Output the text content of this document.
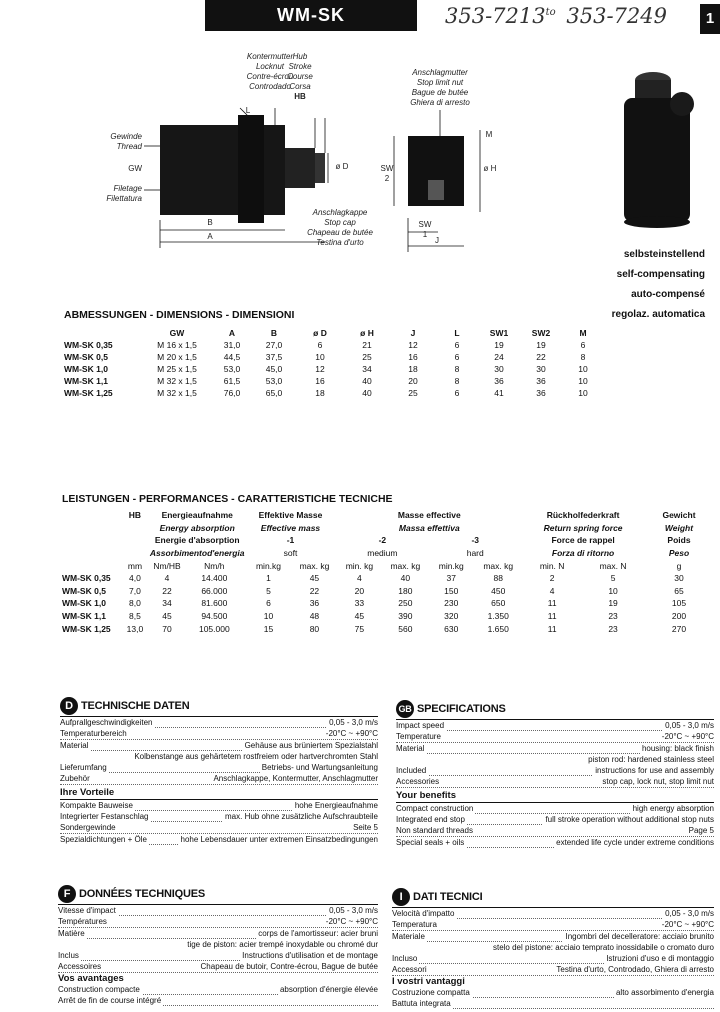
WM-SK	$353-7213^{to}$ 353-7249	1
Kontermutter
Locknut
Contre-écrou
Controdado
Hub
Stroke
Course
Corsa
HB
Gewinde
Thread
GW
Filetage
Filettatura
L
ø D
B
A
Anschlagkappe
Stop cap
Chapeau de butée
Testina d'urto
Anschlagmutter
Stop limit nut
Bague de butée
Ghiera di arresto
SW 2
M
ø H
SW 1
J
selbsteinstellend
self-compensating
auto-compensé
regolaz. automatica
ABMESSUNGEN - DIMENSIONS - DIMENSIONI
	GW	A	B	ø D	ø H	J	L	SW1	SW2	M
WM-SK 0,35	M 16 x 1,5	31,0	27,0	6	21	12	6	19	19	6
WM-SK 0,5	M 20 x 1,5	44,5	37,5	10	25	16	6	24	22	8
WM-SK 1,0	M 25 x 1,5	53,0	45,0	12	34	18	8	30	30	10
WM-SK 1,1	M 32 x 1,5	61,5	53,0	16	40	20	8	36	36	10
WM-SK 1,25	M 32 x 1,5	76,0	65,0	18	40	25	6	41	36	10
LEISTUNGEN - PERFORMANCES - CARATTERISTICHE TECNICHE
	HB	Energieaufnahme		Effektive Masse		Masse effective				Rückholfederkraft		Gewicht
		Energy absorption		Effective mass		Massa effettiva				Return spring force		Weight
		Energie d'absorption		-1		-2		-3		Force de rappel		Poids
		Assorbimentod'energia		soft		medium		hard		Forza di ritorno		Peso
	mm	Nm/HB	Nm/h	min.kg	max. kg	min. kg	max. kg	min.kg	max. kg	min. N	max. N	g
WM-SK 0,35	4,0	4	14.400	1	45	4	40	37	88	2	5	30
WM-SK 0,5	7,0	22	66.000	5	22	20	180	150	450	4	10	65
WM-SK 1,0	8,0	34	81.600	6	36	33	250	230	650	11	19	105
WM-SK 1,1	8,5	45	94.500	10	48	45	390	320	1.350	11	23	200
WM-SK 1,25	13,0	70	105.000	15	80	75	560	630	1.650	11	23	270
D TECHNISCHE DATEN
Aufprallgeschwindigkeiten	0,05 - 3,0 m/s
Temperaturbereich	-20°C ~ +90°C
Material	Gehäuse aus brüniertem Spezialstahl
Kolbenstange aus gehärtetem rostfreiem oder hartverchromten Stahl
Lieferumfang	Betriebs- und Wartungsanleitung
Zubehör	Anschlagkappe, Kontermutter, Anschlagmutter
Ihre Vorteile
Kompakte Bauweise	hohe Energieaufnahme
Integrierter Festanschlag	max. Hub ohne zusätzliche Aufschraubteile
Sondergewinde	Seite 5
Spezialdichtungen + Öle	hohe Lebensdauer unter extremen Einsatzbedingungen
GB SPECIFICATIONS
Impact speed	0,05 - 3,0 m/s
Temperature	-20°C ~ +90°C
Material	housing: black finish
piston rod: hardened stainless steel
Included	instructions for use and assembly
Accessories	stop cap, lock nut, stop limit nut
Your benefits
Compact construction	high energy absorption
Integrated end stop	full stroke operation without additional stop nuts
Non standard threads	Page 5
Special seals + oils	extended life cycle under extreme conditions
F DONNÉES TECHNIQUES
Vitesse d'impact	0,05 - 3,0 m/s
Températures	-20°C ~ +90°C
Matière	corps de l'amortisseur: acier bruni
tige de piston: acier trempé inoxydable ou chromé dur
Inclus	Instructions d'utilisation et de montage
Accessoires	Chapeau de butoir, Contre-écrou, Bague de butée
Vos avantages
Construction compacte	absorption d'énergie élevée
Arrêt de fin de course intégré
I DATI TECNICI
Velocità d'impatto	0,05 - 3,0 m/s
Temperatura	-20°C ~ +90°C
Materiale	Ingombri del decelleratore: acciaio brunito
stelo del pistone: acciaio temprato inossidabile o cromato duro
Incluso	Istruzioni d'uso e di montaggio
Accessori	Testina d'urto, Controdado, Ghiera di arresto
I vostri vantaggi
Costruzione compatta	alto assorbimento d'energia
Battuta integrata
